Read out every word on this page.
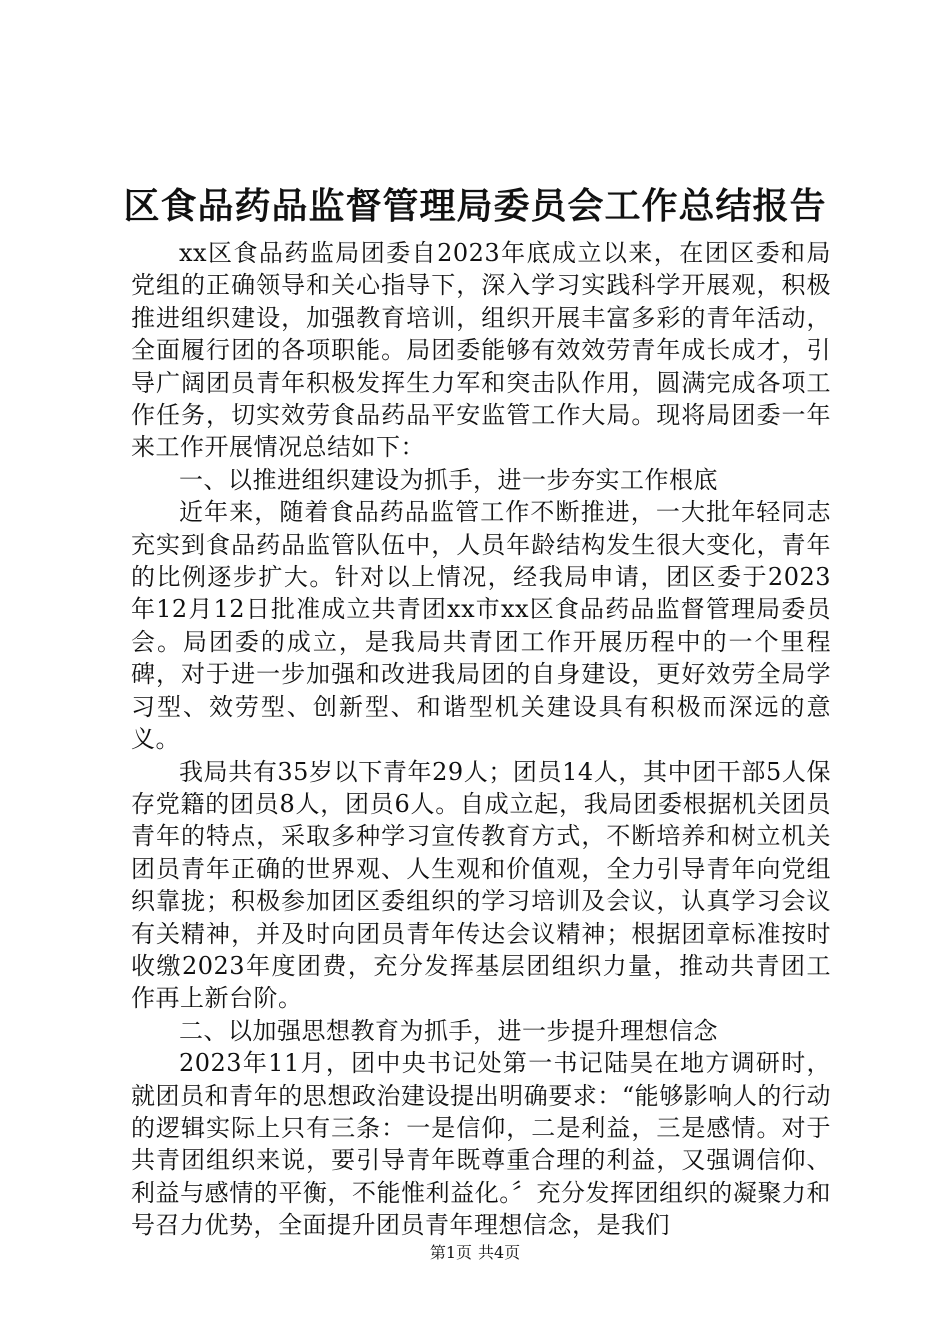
区食品药品监督管理局委员会工作总结报告

xx区食品药监局团委自2023年底成立以来，在团区委和局党组的正确领导和关心指导下，深入学习实践科学开展观，积极推进组织建设，加强教育培训，组织开展丰富多彩的青年活动，全面履行团的各项职能。局团委能够有效效劳青年成长成才，引导广阔团员青年积极发挥生力军和突击队作用，圆满完成各项工作任务，切实效劳食品药品平安监管工作大局。现将局团委一年来工作开展情况总结如下：

一、以推进组织建设为抓手，进一步夯实工作根底

近年来，随着食品药品监管工作不断推进，一大批年轻同志充实到食品药品监管队伍中，人员年龄结构发生很大变化，青年的比例逐步扩大。针对以上情况，经我局申请，团区委于2023年12月12日批准成立共青团xx市xx区食品药品监督管理局委员会。局团委的成立，是我局共青团工作开展历程中的一个里程碑，对于进一步加强和改进我局团的自身建设，更好效劳全局学习型、效劳型、创新型、和谐型机关建设具有积极而深远的意义。

我局共有35岁以下青年29人；团员14人，其中团干部5人保存党籍的团员8人，团员6人。自成立起，我局团委根据机关团员青年的特点，采取多种学习宣传教育方式，不断培养和树立机关团员青年正确的世界观、人生观和价值观，全力引导青年向党组织靠拢；积极参加团区委组织的学习培训及会议，认真学习会议有关精神，并及时向团员青年传达会议精神；根据团章标准按时收缴2023年度团费，充分发挥基层团组织力量，推动共青团工作再上新台阶。

二、以加强思想教育为抓手，进一步提升理想信念

2023年11月，团中央书记处第一书记陆昊在地方调研时，就团员和青年的思想政治建设提出明确要求：“能够影响人的行动的逻辑实际上只有三条：一是信仰，二是利益，三是感情。对于共青团组织来说，要引导青年既尊重合理的利益，又强调信仰、利益与感情的平衡，不能惟利益化。〞充分发挥团组织的凝聚力和号召力优势，全面提升团员青年理想信念，是我们

第1页 共4页
